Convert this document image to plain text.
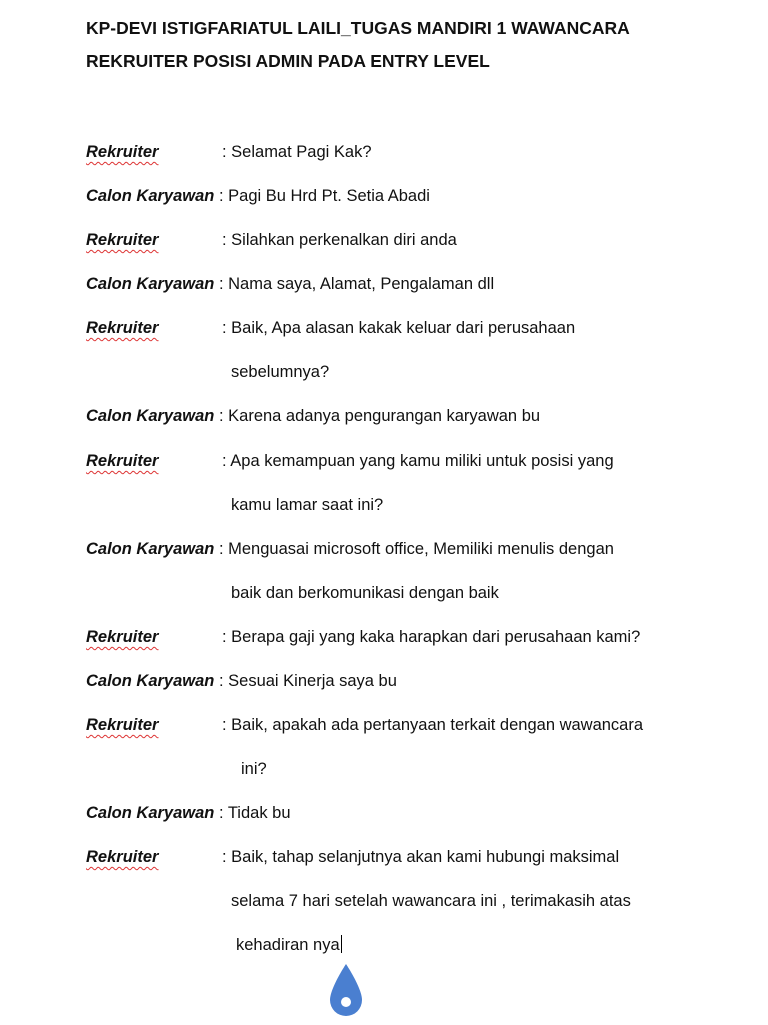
KP-DEVI ISTIGFARIATUL LAILI_TUGAS MANDIRI 1 WAWANCARA
REKRUITER POSISI ADMIN PADA ENTRY LEVEL
Rekruiter	: Selamat Pagi Kak?
Calon Karyawan : Pagi Bu Hrd Pt. Setia Abadi
Rekruiter	: Silahkan perkenalkan diri anda
Calon Karyawan : Nama saya, Alamat, Pengalaman dll
Rekruiter	: Baik, Apa alasan kakak keluar dari perusahaan
sebelumnya?
Calon Karyawan : Karena adanya pengurangan karyawan bu
Rekruiter	: Apa kemampuan yang kamu miliki untuk posisi yang
kamu lamar saat ini?
Calon Karyawan : Menguasai microsoft office, Memiliki menulis dengan
baik dan berkomunikasi dengan baik
Rekruiter	: Berapa gaji yang kaka harapkan dari perusahaan kami?
Calon Karyawan : Sesuai Kinerja saya bu
Rekruiter	: Baik, apakah ada pertanyaan terkait dengan wawancara
ini?
Calon Karyawan : Tidak bu
Rekruiter	: Baik, tahap selanjutnya akan kami hubungi maksimal
selama 7 hari setelah wawancara ini , terimakasih atas
kehadiran nya
